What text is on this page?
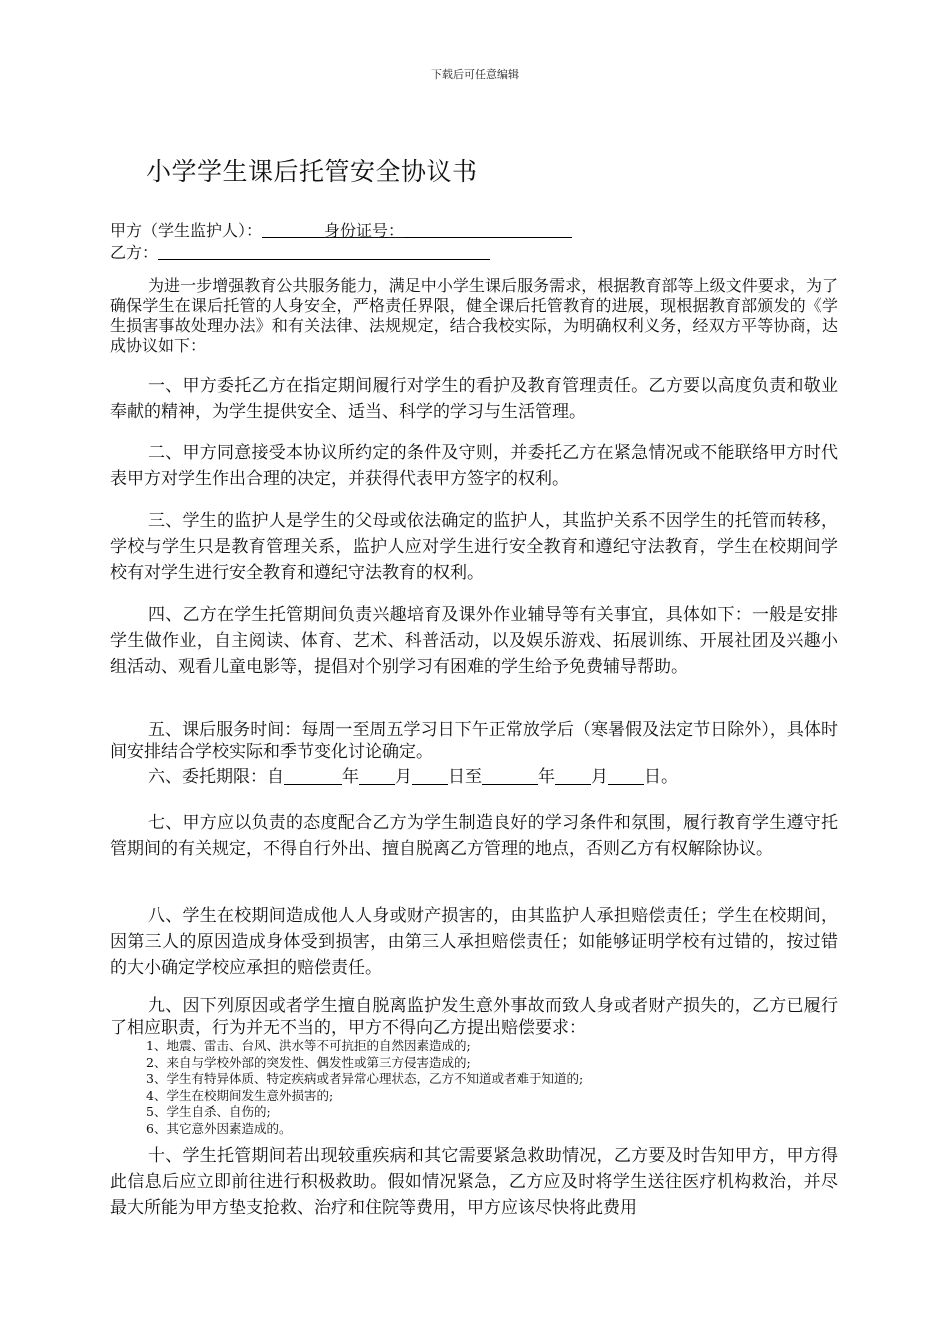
下载后可任意编辑
小学学生课后托管安全协议书
甲方（学生监护人）：	身份证号：
乙方：

为进一步增强教育公共服务能力，满足中小学生课后服务需求，根据教育部等上级文件要求，为了确保学生在课后托管的人身安全，严格责任界限，健全课后托管教育的进展，现根据教育部颁发的《学生损害事故处理办法》和有关法律、法规规定，结合我校实际，为明确权利义务，经双方平等协商，达成协议如下：

一、甲方委托乙方在指定期间履行对学生的看护及教育管理责任。乙方要以高度负责和敬业奉献的精神，为学生提供安全、适当、科学的学习与生活管理。

二、甲方同意接受本协议所约定的条件及守则，并委托乙方在紧急情况或不能联络甲方时代表甲方对学生作出合理的决定，并获得代表甲方签字的权利。

三、学生的监护人是学生的父母或依法确定的监护人，其监护关系不因学生的托管而转移，学校与学生只是教育管理关系，监护人应对学生进行安全教育和遵纪守法教育，学生在校期间学校有对学生进行安全教育和遵纪守法教育的权利。

四、乙方在学生托管期间负责兴趣培育及课外作业辅导等有关事宜，具体如下：一般是安排学生做作业，自主阅读、体育、艺术、科普活动，以及娱乐游戏、拓展训练、开展社团及兴趣小组活动、观看儿童电影等，提倡对个别学习有困难的学生给予免费辅导帮助。

五、课后服务时间：每周一至周五学习日下午正常放学后（寒暑假及法定节日除外），具体时间安排结合学校实际和季节变化讨论确定。

六、委托期限：自	年 月 日至	年 月 日。

七、甲方应以负责的态度配合乙方为学生制造良好的学习条件和氛围，履行教育学生遵守托管期间的有关规定，不得自行外出、擅自脱离乙方管理的地点，否则乙方有权解除协议。

八、学生在校期间造成他人人身或财产损害的，由其监护人承担赔偿责任；学生在校期间，因第三人的原因造成身体受到损害，由第三人承担赔偿责任；如能够证明学校有过错的，按过错的大小确定学校应承担的赔偿责任。

九、因下列原因或者学生擅自脱离监护发生意外事故而致人身或者财产损失的，乙方已履行了相应职责，行为并无不当的，甲方不得向乙方提出赔偿要求：

1、地震、雷击、台风、洪水等不可抗拒的自然因素造成的;

2、来自与学校外部的突发性、偶发性或第三方侵害造成的;

3、学生有特异体质、特定疾病或者异常心理状态，乙方不知道或者难于知道的;

4、学生在校期间发生意外损害的;

5、学生自杀、自伤的;

6、其它意外因素造成的。

十、学生托管期间若出现较重疾病和其它需要紧急救助情况，乙方要及时告知甲方，甲方得此信息后应立即前往进行积极救助。假如情况紧急，乙方应及时将学生送往医疗机构救治，并尽最大所能为甲方垫支抢救、治疗和住院等费用，甲方应该尽快将此费用
